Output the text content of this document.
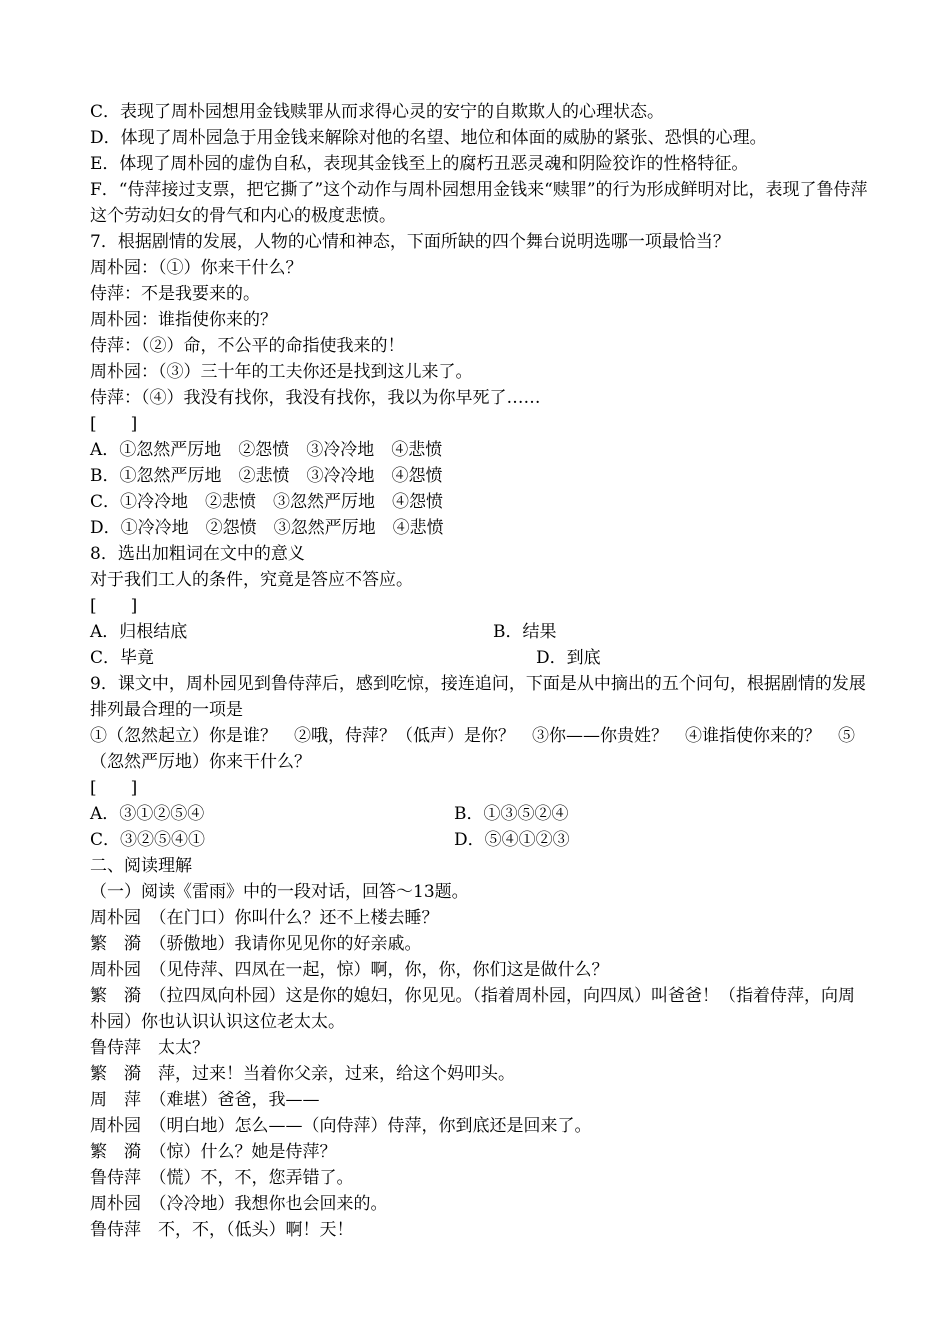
C．表现了周朴园想用金钱赎罪从而求得心灵的安宁的自欺欺人的心理状态。
D．体现了周朴园急于用金钱来解除对他的名望、地位和体面的威胁的紧张、恐惧的心理。
E．体现了周朴园的虚伪自私，表现其金钱至上的腐朽丑恶灵魂和阴险狡诈的性格特征。
F．“侍萍接过支票，把它撕了”这个动作与周朴园想用金钱来“赎罪”的行为形成鲜明对比，表现了鲁侍萍这个劳动妇女的骨气和内心的极度悲愤。
7．根据剧情的发展，人物的心情和神态，下面所缺的四个舞台说明选哪一项最恰当？
周朴园：（①）你来干什么？
侍萍：不是我要来的。
周朴园：谁指使你来的？
侍萍：（②）命，不公平的命指使我来的！
周朴园：（③）三十年的工夫你还是找到这儿来了。
侍萍：（④）我没有找你，我没有找你，我以为你早死了……
[　　]
A．①忽然严厉地　②怨愤　③冷冷地　④悲愤
B．①忽然严厉地　②悲愤　③冷冷地　④怨愤
C．①冷冷地　②悲愤　③忽然严厉地　④怨愤
D．①冷冷地　②怨愤　③忽然严厉地　④悲愤
8．选出加粗词在文中的意义
对于我们工人的条件，究竟是答应不答应。
[　　]
A．归根结底	B．结果
C．毕竟	D．到底
9．课文中，周朴园见到鲁侍萍后，感到吃惊，接连追问，下面是从中摘出的五个问句，根据剧情的发展排列最合理的一项是
①（忽然起立）你是谁？　②哦，侍萍？（低声）是你？　③你——你贵姓？　④谁指使你来的？　⑤（忽然严厉地）你来干什么？
[　　]
A．③①②⑤④	B．①③⑤②④
C．③②⑤④①	D．⑤④①②③
二、阅读理解
（一）阅读《雷雨》中的一段对话，回答～13题。
周朴园　（在门口）你叫什么？还不上楼去睡？
繁　漪　（骄傲地）我请你见见你的好亲戚。
周朴园　（见侍萍、四凤在一起，惊）啊，你，你，你们这是做什么？
繁　漪　（拉四凤向朴园）这是你的媳妇，你见见。（指着周朴园，向四凤）叫爸爸！（指着侍萍，向周朴园）你也认识认识这位老太太。
鲁侍萍　太太？
繁　漪　萍，过来！当着你父亲，过来，给这个妈叩头。
周　萍　（难堪）爸爸，我——
周朴园　（明白地）怎么——（向侍萍）侍萍，你到底还是回来了。
繁　漪　（惊）什么？她是侍萍？
鲁侍萍　（慌）不，不，您弄错了。
周朴园　（冷冷地）我想你也会回来的。
鲁侍萍　不，不，（低头）啊！天！
